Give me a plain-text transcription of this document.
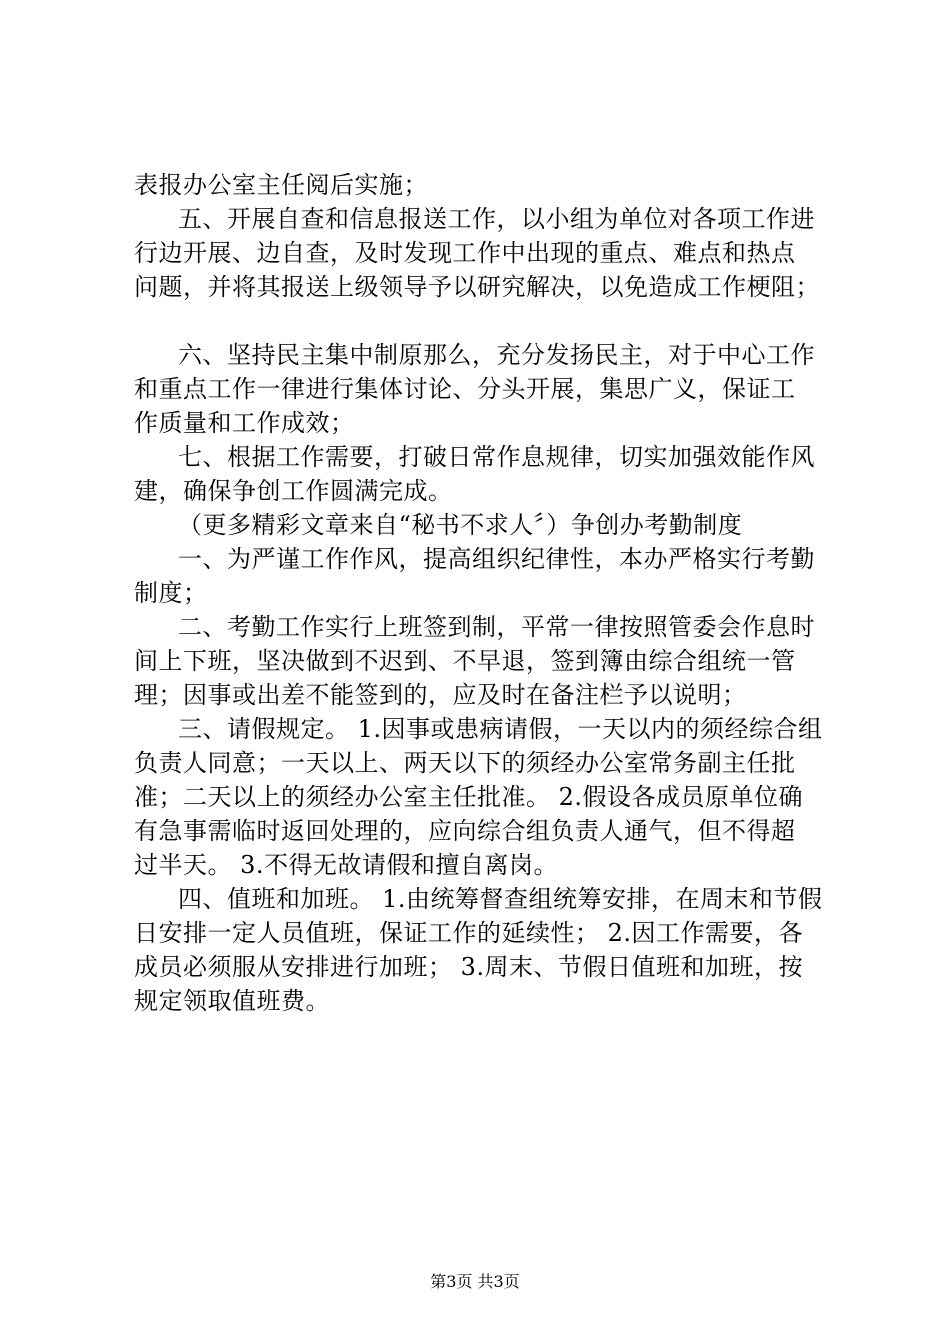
表报办公室主任阅后实施；
五、开展自查和信息报送工作，以小组为单位对各项工作进
行边开展、边自查，及时发现工作中出现的重点、难点和热点
问题，并将其报送上级领导予以研究解决，以免造成工作梗阻；
六、坚持民主集中制原那么，充分发扬民主，对于中心工作
和重点工作一律进行集体讨论、分头开展，集思广义，保证工
作质量和工作成效；
七、根据工作需要，打破日常作息规律，切实加强效能作风
建，确保争创工作圆满完成。
（更多精彩文章来自“秘书不求人〞）争创办考勤制度
一、为严谨工作作风，提高组织纪律性，本办严格实行考勤
制度；
二、考勤工作实行上班签到制，平常一律按照管委会作息时
间上下班，坚决做到不迟到、不早退，签到簿由综合组统一管
理；因事或出差不能签到的，应及时在备注栏予以说明；
三、请假规定。 1.因事或患病请假，一天以内的须经综合组
负责人同意；一天以上、两天以下的须经办公室常务副主任批
准；二天以上的须经办公室主任批准。 2.假设各成员原单位确
有急事需临时返回处理的，应向综合组负责人通气，但不得超
过半天。 3.不得无故请假和擅自离岗。
四、值班和加班。 1.由统筹督查组统筹安排，在周末和节假
日安排一定人员值班，保证工作的延续性； 2.因工作需要，各
成员必须服从安排进行加班； 3.周末、节假日值班和加班，按
规定领取值班费。
第3页 共3页
